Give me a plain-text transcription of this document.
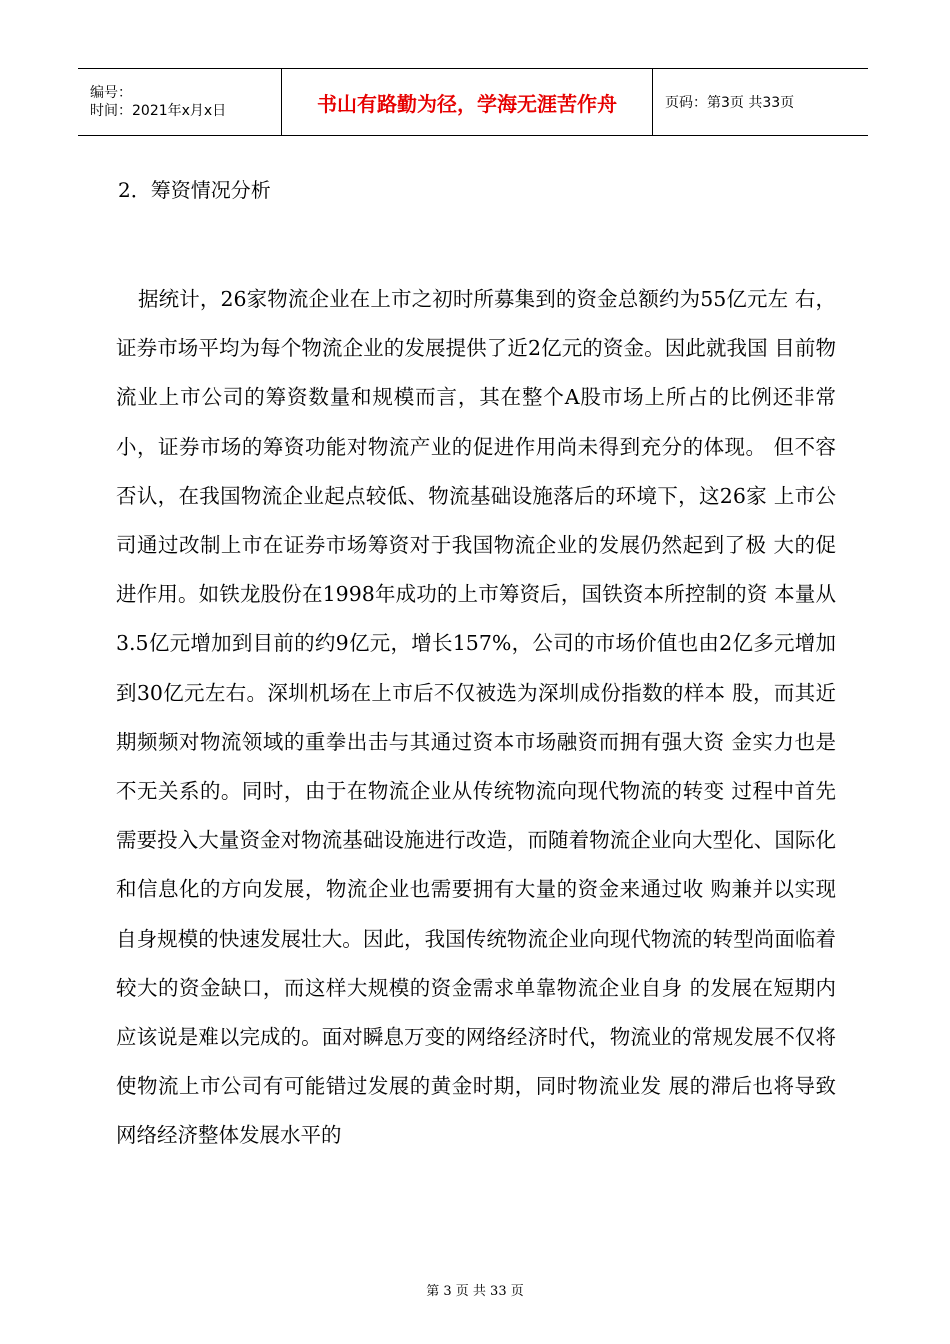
编号：
时间：2021年x月x日	书山有路勤为径，学海无涯苦作舟	页码：第3页 共33页
2．筹资情况分析

据统计，26家物流企业在上市之初时所募集到的资金总额约为55亿元左 右，证券市场平均为每个物流企业的发展提供了近2亿元的资金。因此就我国 目前物流业上市公司的筹资数量和规模而言，其在整个A股市场上所占的比例还非常小，证券市场的筹资功能对物流产业的促进作用尚未得到充分的体现。 但不容否认，在我国物流企业起点较低、物流基础设施落后的环境下，这26家 上市公司通过改制上市在证券市场筹资对于我国物流企业的发展仍然起到了极 大的促进作用。如铁龙股份在1998年成功的上市筹资后，国铁资本所控制的资 本量从3.5亿元增加到目前的约9亿元，增长157%，公司的市场价值也由2亿多元增加到30亿元左右。深圳机场在上市后不仅被选为深圳成份指数的样本 股，而其近期频频对物流领域的重拳出击与其通过资本市场融资而拥有强大资 金实力也是不无关系的。同时，由于在物流企业从传统物流向现代物流的转变 过程中首先需要投入大量资金对物流基础设施进行改造，而随着物流企业向大型化、国际化和信息化的方向发展，物流企业也需要拥有大量的资金来通过收 购兼并以实现自身规模的快速发展壮大。因此，我国传统物流企业向现代物流的转型尚面临着较大的资金缺口，而这样大规模的资金需求单靠物流企业自身 的发展在短期内应该说是难以完成的。面对瞬息万变的网络经济时代，物流业的常规发展不仅将使物流上市公司有可能错过发展的黄金时期，同时物流业发 展的滞后也将导致网络经济整体发展水平的

第 3 页 共 33 页
